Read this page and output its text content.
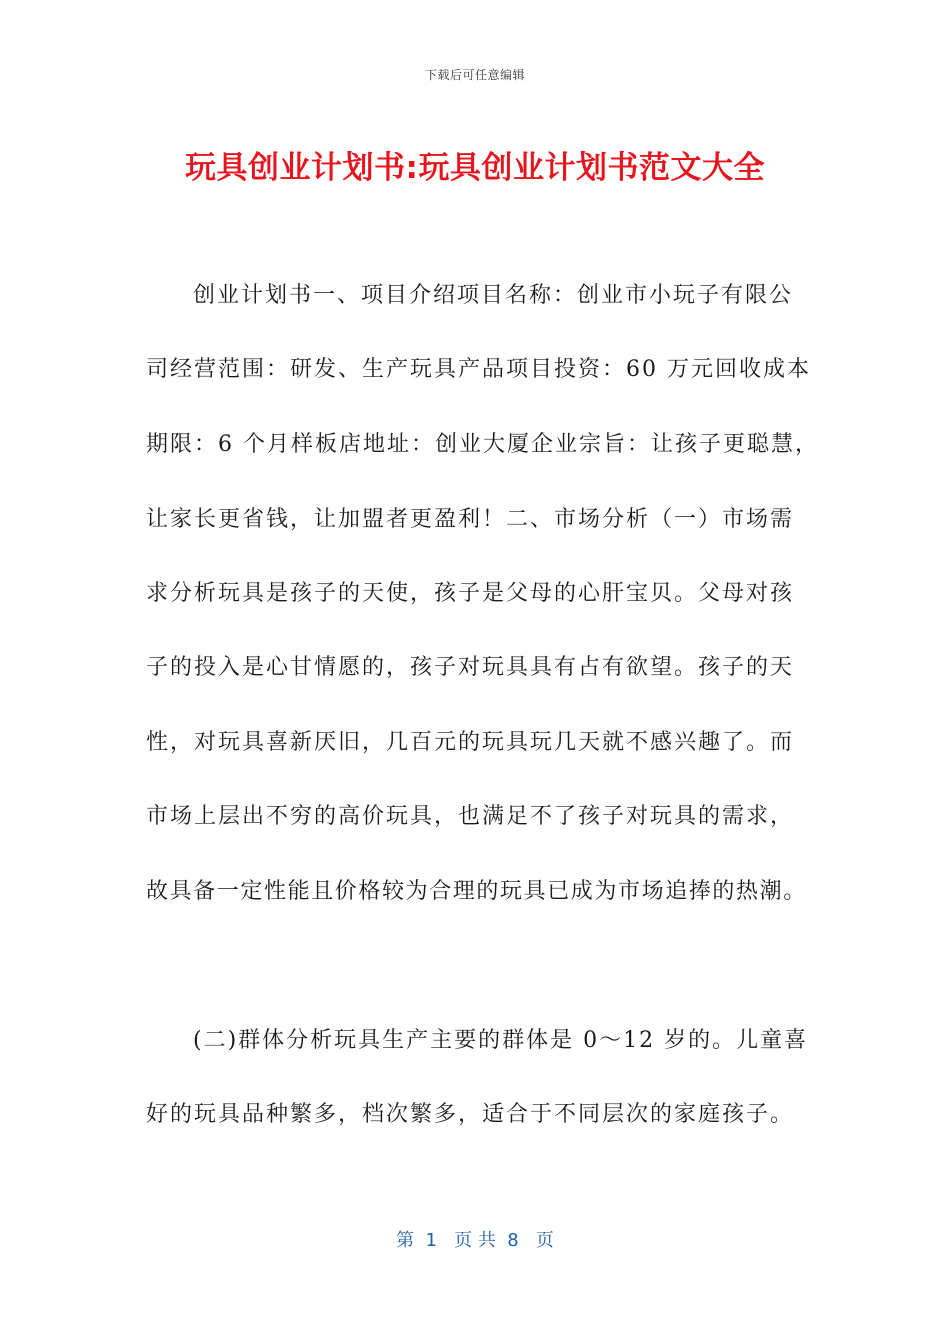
下载后可任意编辑
玩具创业计划书:玩具创业计划书范文大全
创业计划书一、项目介绍项目名称：创业市小玩子有限公
司经营范围：研发、生产玩具产品项目投资：60 万元回收成本
期限：6 个月样板店地址：创业大厦企业宗旨：让孩子更聪慧，
让家长更省钱，让加盟者更盈利！二、市场分析（一）市场需
求分析玩具是孩子的天使，孩子是父母的心肝宝贝。父母对孩
子的投入是心甘情愿的，孩子对玩具具有占有欲望。孩子的天
性，对玩具喜新厌旧，几百元的玩具玩几天就不感兴趣了。而
市场上层出不穷的高价玩具，也满足不了孩子对玩具的需求，
故具备一定性能且价格较为合理的玩具已成为市场追捧的热潮。
(二)群体分析玩具生产主要的群体是 0～12 岁的。儿童喜
好的玩具品种繁多，档次繁多，适合于不同层次的家庭孩子。
第  1   页 共  8   页
